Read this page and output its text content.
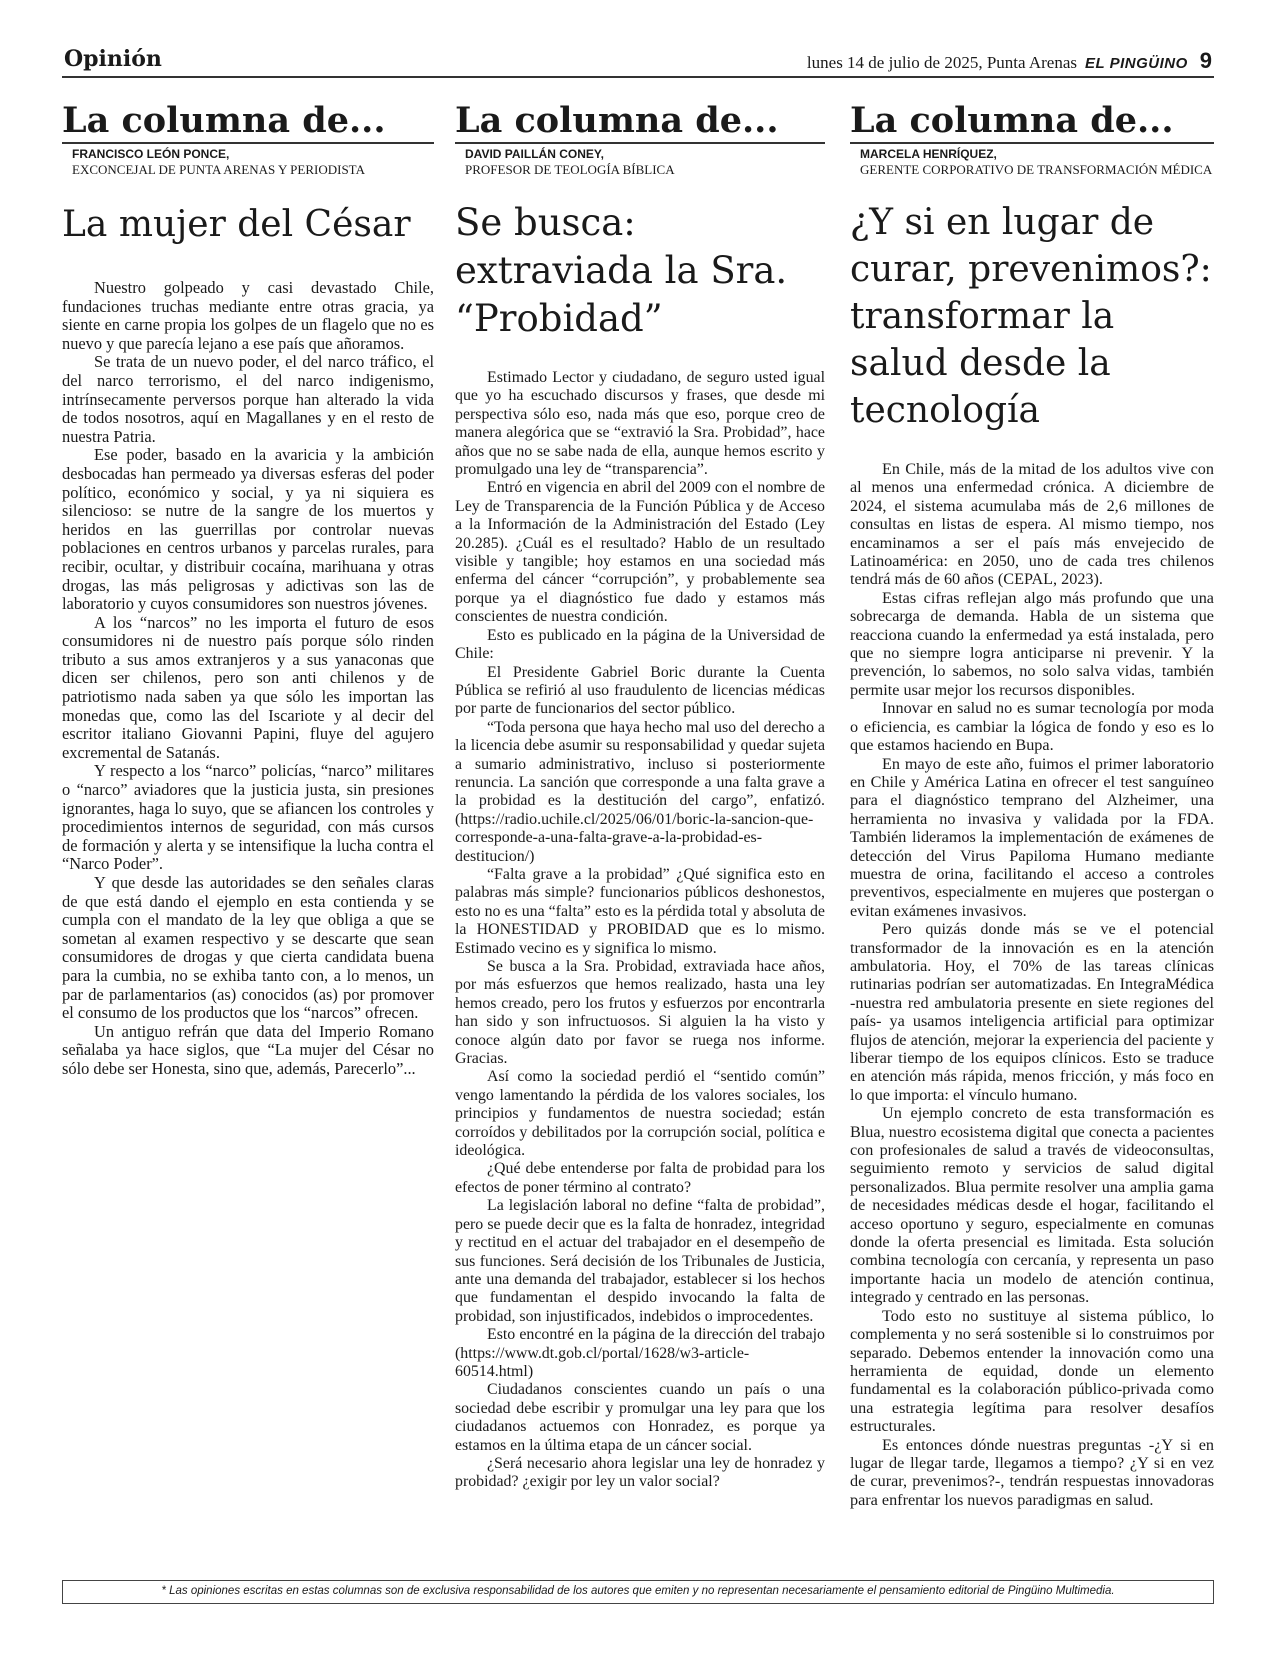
Opinión	lunes 14 de julio de 2025, Punta Arenas EL PINGÜINO 9
La columna de...
FRANCISCO LEÓN PONCE,
EXCONCEJAL DE PUNTA ARENAS Y PERIODISTA
La mujer del César

Nuestro golpeado y casi devastado Chile, fundaciones truchas mediante entre otras gracia, ya siente en carne propia los golpes de un flagelo que no es nuevo y que parecía lejano a ese país que añoramos.

Se trata de un nuevo poder, el del narco tráfico, el del narco terrorismo, el del narco indigenismo, intrínsecamente perversos porque han alterado la vida de todos nosotros, aquí en Magallanes y en el resto de nuestra Patria.

Ese poder, basado en la avaricia y la ambición desbocadas han permeado ya diversas esferas del poder político, económico y social, y ya ni siquiera es silencioso: se nutre de la sangre de los muertos y heridos en las guerrillas por controlar nuevas poblaciones en centros urbanos y parcelas rurales, para recibir, ocultar, y distribuir cocaína, marihuana y otras drogas, las más peligrosas y adictivas son las de laboratorio y cuyos consumidores son nuestros jóvenes.

A los “narcos” no les importa el futuro de esos consumidores ni de nuestro país porque sólo rinden tributo a sus amos extranjeros y a sus yanaconas que dicen ser chilenos, pero son anti chilenos y de patriotismo nada saben ya que sólo les importan las monedas que, como las del Iscariote y al decir del escritor italiano Giovanni Papini, fluye del agujero excremental de Satanás.

Y respecto a los “narco” policías, “narco” militares o “narco” aviadores que la justicia justa, sin presiones ignorantes, haga lo suyo, que se afiancen los controles y procedimientos internos de seguridad, con más cursos de formación y alerta y se intensifique la lucha contra el “Narco Poder”.

Y que desde las autoridades se den señales claras de que está dando el ejemplo en esta contienda y se cumpla con el mandato de la ley que obliga a que se sometan al examen respectivo y se descarte que sean consumidores de drogas y que cierta candidata buena para la cumbia, no se exhiba tanto con, a lo menos, un par de parlamentarios (as) conocidos (as) por promover el consumo de los productos que los “narcos” ofrecen.

Un antiguo refrán que data del Imperio Romano señalaba ya hace siglos, que “La mujer del César no sólo debe ser Honesta, sino que, además, Parecerlo”...

La columna de...
DAVID PAILLÁN CONEY,
PROFESOR DE TEOLOGÍA BÍBLICA
Se busca: extraviada la Sra. “Probidad”

Estimado Lector y ciudadano, de seguro usted igual que yo ha escuchado discursos y frases, que desde mi perspectiva sólo eso, nada más que eso, porque creo de manera alegórica que se “extravió la Sra. Probidad”, hace años que no se sabe nada de ella, aunque hemos escrito y promulgado una ley de “transparencia”.

Entró en vigencia en abril del 2009 con el nombre de Ley de Transparencia de la Función Pública y de Acceso a la Información de la Administración del Estado (Ley 20.285). ¿Cuál es el resultado? Hablo de un resultado visible y tangible; hoy estamos en una sociedad más enferma del cáncer “corrupción”, y probablemente sea porque ya el diagnóstico fue dado y estamos más conscientes de nuestra condición.

Esto es publicado en la página de la Universidad de Chile:

El Presidente Gabriel Boric durante la Cuenta Pública se refirió al uso fraudulento de licencias médicas por parte de funcionarios del sector público.

“Toda persona que haya hecho mal uso del derecho a la licencia debe asumir su responsabilidad y quedar sujeta a sumario administrativo, incluso si posteriormente renuncia. La sanción que corresponde a una falta grave a la probidad es la destitución del cargo”, enfatizó. (https://radio.uchile.cl/2025/06/01/boric-la-sancion-que-corresponde-a-una-falta-grave-a-la-probidad-es-destitucion/)

“Falta grave a la probidad” ¿Qué significa esto en palabras más simple? funcionarios públicos deshonestos, esto no es una “falta” esto es la pérdida total y absoluta de la HONESTIDAD y PROBIDAD que es lo mismo. Estimado vecino es y significa lo mismo.

Se busca a la Sra. Probidad, extraviada hace años, por más esfuerzos que hemos realizado, hasta una ley hemos creado, pero los frutos y esfuerzos por encontrarla han sido y son infructuosos. Si alguien la ha visto y conoce algún dato por favor se ruega nos informe. Gracias.

Así como la sociedad perdió el “sentido común” vengo lamentando la pérdida de los valores sociales, los principios y fundamentos de nuestra sociedad; están corroídos y debilitados por la corrupción social, política e ideológica.

¿Qué debe entenderse por falta de probidad para los efectos de poner término al contrato?

La legislación laboral no define “falta de probidad”, pero se puede decir que es la falta de honradez, integridad y rectitud en el actuar del trabajador en el desempeño de sus funciones. Será decisión de los Tribunales de Justicia, ante una demanda del trabajador, establecer si los hechos que fundamentan el despido invocando la falta de probidad, son injustificados, indebidos o improcedentes.

Esto encontré en la página de la dirección del trabajo (https://www.dt.gob.cl/portal/1628/w3-article-60514.html)

Ciudadanos conscientes cuando un país o una sociedad debe escribir y promulgar una ley para que los ciudadanos actuemos con Honradez, es porque ya estamos en la última etapa de un cáncer social.

¿Será necesario ahora legislar una ley de honradez y probidad? ¿exigir por ley un valor social?

La columna de...
MARCELA HENRÍQUEZ,
GERENTE CORPORATIVO DE TRANSFORMACIÓN MÉDICA
¿Y si en lugar de curar, prevenimos?: transformar la salud desde la tecnología

En Chile, más de la mitad de los adultos vive con al menos una enfermedad crónica. A diciembre de 2024, el sistema acumulaba más de 2,6 millones de consultas en listas de espera. Al mismo tiempo, nos encaminamos a ser el país más envejecido de Latinoamérica: en 2050, uno de cada tres chilenos tendrá más de 60 años (CEPAL, 2023).

Estas cifras reflejan algo más profundo que una sobrecarga de demanda. Habla de un sistema que reacciona cuando la enfermedad ya está instalada, pero que no siempre logra anticiparse ni prevenir. Y la prevención, lo sabemos, no solo salva vidas, también permite usar mejor los recursos disponibles.

Innovar en salud no es sumar tecnología por moda o eficiencia, es cambiar la lógica de fondo y eso es lo que estamos haciendo en Bupa.

En mayo de este año, fuimos el primer laboratorio en Chile y América Latina en ofrecer el test sanguíneo para el diagnóstico temprano del Alzheimer, una herramienta no invasiva y validada por la FDA. También lideramos la implementación de exámenes de detección del Virus Papiloma Humano mediante muestra de orina, facilitando el acceso a controles preventivos, especialmente en mujeres que postergan o evitan exámenes invasivos.

Pero quizás donde más se ve el potencial transformador de la innovación es en la atención ambulatoria. Hoy, el 70% de las tareas clínicas rutinarias podrían ser automatizadas. En IntegraMédica -nuestra red ambulatoria presente en siete regiones del país- ya usamos inteligencia artificial para optimizar flujos de atención, mejorar la experiencia del paciente y liberar tiempo de los equipos clínicos. Esto se traduce en atención más rápida, menos fricción, y más foco en lo que importa: el vínculo humano.

Un ejemplo concreto de esta transformación es Blua, nuestro ecosistema digital que conecta a pacientes con profesionales de salud a través de videoconsultas, seguimiento remoto y servicios de salud digital personalizados. Blua permite resolver una amplia gama de necesidades médicas desde el hogar, facilitando el acceso oportuno y seguro, especialmente en comunas donde la oferta presencial es limitada. Esta solución combina tecnología con cercanía, y representa un paso importante hacia un modelo de atención continua, integrado y centrado en las personas.

Todo esto no sustituye al sistema público, lo complementa y no será sostenible si lo construimos por separado. Debemos entender la innovación como una herramienta de equidad, donde un elemento fundamental es la colaboración público-privada como una estrategia legítima para resolver desafíos estructurales.

Es entonces dónde nuestras preguntas -¿Y si en lugar de llegar tarde, llegamos a tiempo? ¿Y si en vez de curar, prevenimos?-, tendrán respuestas innovadoras para enfrentar los nuevos paradigmas en salud.

* Las opiniones escritas en estas columnas son de exclusiva responsabilidad de los autores que emiten y no representan necesariamente el pensamiento editorial de Pingüino Multimedia.
